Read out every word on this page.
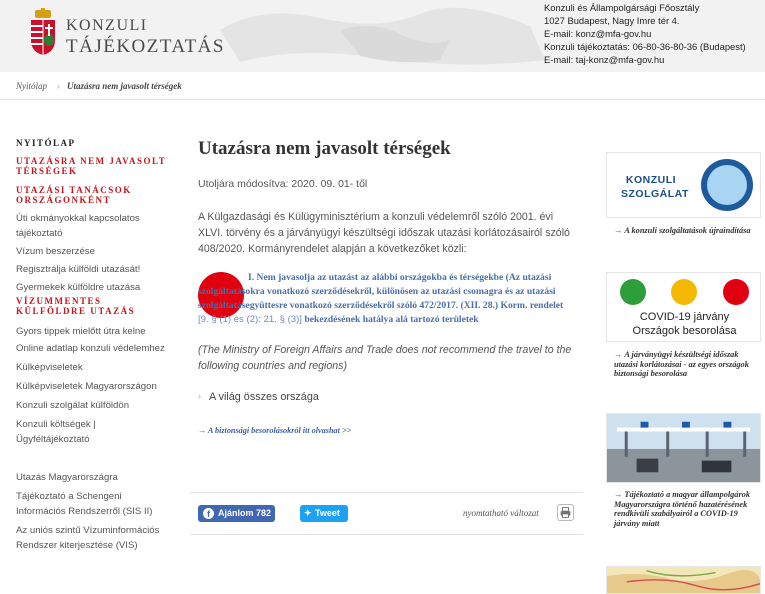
KONZULI
TÁJÉKOZTATÁS
Konzuli és Állampolgársági Főosztály
1027 Budapest, Nagy Imre tér 4.
E-mail: konz@mfa-gov.hu
Konzuli tájékoztatás: 06-80-36-80-36 (Budapest)
E-mail: taj-konz@mfa-gov.hu
Nyitólap › Utazásra nem javasolt térségek
NYITÓLAP
UTAZÁSRA NEM JAVASOLT TÉRSÉGEK
UTAZÁSI TANÁCSOK ORSZÁGONKÉNT
Úti okmányokkal kapcsolatos tájékoztató
Vízum beszerzése
Regisztrálja külföldi utazását!
Gyermekek külföldre utazása
VÍZUMMENTES KÜLFÖLDRE UTAZÁS
Gyors tippek mielőtt útra kelne
Online adatlap konzuli védelemhez
Külképviseletek
Külképviseletek Magyarországon
Konzuli szolgálat külföldön
Konzuli költségek | Ügyféltájékoztató
Utazás Magyarországra
Tájékoztató a Schengeni Információs Rendszerről (SIS II)
Az uniós szintű Vízuminformációs Rendszer kiterjesztése (VIS)
Utazásra nem javasolt térségek
Utoljára módosítva: 2020. 09. 01- től

A Külgazdasági és Külügyminisztérium a konzuli védelemről szóló 2001. évi XLVI. törvény és a járványügyi készültségi időszak utazási korlátozásairól szóló 408/2020. Kormányrendelet alapján a következőket közli:

I. Nem javasolja az utazást az alábbi országokba és térségekbe (Az utazási szolgáltatásokra vonatkozó szerződésekről, különösen az utazási csomagra és az utazási szolgáltatásegyüttesre vonatkozó szerződésekről szóló 472/2017. (XII. 28.) Korm. rendelet [9. § (1) és (2): 21. § (3)] bekezdésének hatálya alá tartozó területek

(The Ministry of Foreign Affairs and Trade does not recommend the travel to the following countries and regions)

› A világ összes országa
→ A biztonsági besorolásokról itt olvashat >>
f Ajánlom 782	✦ Tweet	nyomtatható változat
KONZULI SZOLGÁLAT
→ A konzuli szolgáltatások újraindítása
COVID-19 járvány
Országok besorolása
→ A járványügyi készültségi időszak utazási korlátozásai - az egyes országok biztonsági besorolása
→ Tájékoztató a magyar állampolgárok Magyarországra történő hazatérésének rendkívüli szabályairól a COVID-19 járvány miatt
